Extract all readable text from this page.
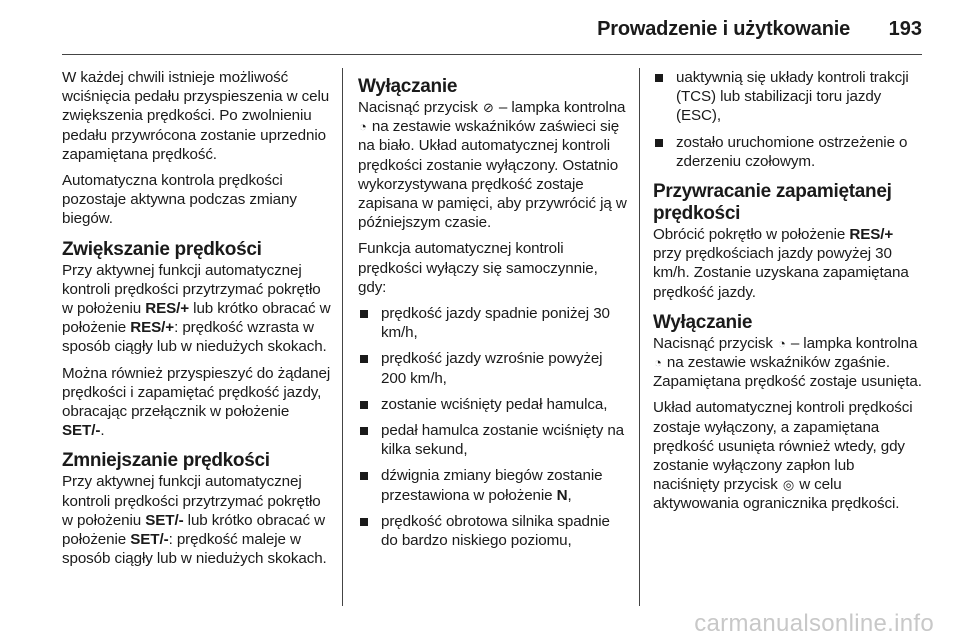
Prowadzenie i użytkowanie 193

W każdej chwili istnieje możliwość wciśnięcia pedału przyspieszenia w celu zwiększenia prędkości. Po zwolnieniu pedału przywrócona zostanie uprzednio zapamiętana prędkość.

Automatyczna kontrola prędkości pozostaje aktywna podczas zmiany biegów.

Zwiększanie prędkości

Przy aktywnej funkcji automatycznej kontroli prędkości przytrzymać pokrętło w położeniu RES/+ lub krótko obracać w położenie RES/+: prędkość wzrasta w sposób ciągły lub w niedużych skokach.

Można również przyspieszyć do żądanej prędkości i zapamiętać prędkość jazdy, obracając przełącznik w położenie SET/-.

Zmniejszanie prędkości

Przy aktywnej funkcji automatycznej kontroli prędkości przytrzymać pokrętło w położeniu SET/- lub krótko obracać w położenie SET/-: prędkość maleje w sposób ciągły lub w niedużych skokach.

Wyłączanie

Nacisnąć przycisk ⊘ – lampka kontrolna ◔ na zestawie wskaźników zaświeci się na biało. Układ automatycznej kontroli prędkości zostanie wyłączony. Ostatnio wykorzystywana prędkość zostaje zapisana w pamięci, aby przywrócić ją w późniejszym czasie.

Funkcja automatycznej kontroli prędkości wyłączy się samoczynnie, gdy:

prędkość jazdy spadnie poniżej 30 km/h,
prędkość jazdy wzrośnie powyżej 200 km/h,
zostanie wciśnięty pedał hamulca,
pedał hamulca zostanie wciśnięty na kilka sekund,
dźwignia zmiany biegów zostanie przestawiona w położenie N,
prędkość obrotowa silnika spadnie do bardzo niskiego poziomu,
uaktywnią się układy kontroli trakcji (TCS) lub stabilizacji toru jazdy (ESC),
zostało uruchomione ostrzeżenie o zderzeniu czołowym.
Przywracanie zapamiętanej prędkości

Obrócić pokrętło w położenie RES/+ przy prędkościach jazdy powyżej 30 km/h. Zostanie uzyskana zapamiętana prędkość jazdy.

Wyłączanie

Nacisnąć przycisk ◔ – lampka kontrolna ◔ na zestawie wskaźników zgaśnie. Zapamiętana prędkość zostaje usunięta.

Układ automatycznej kontroli prędkości zostaje wyłączony, a zapamiętana prędkość usunięta również wtedy, gdy zostanie wyłączony zapłon lub naciśnięty przycisk ◎ w celu aktywowania ogranicznika prędkości.

carmanualsonline.info
